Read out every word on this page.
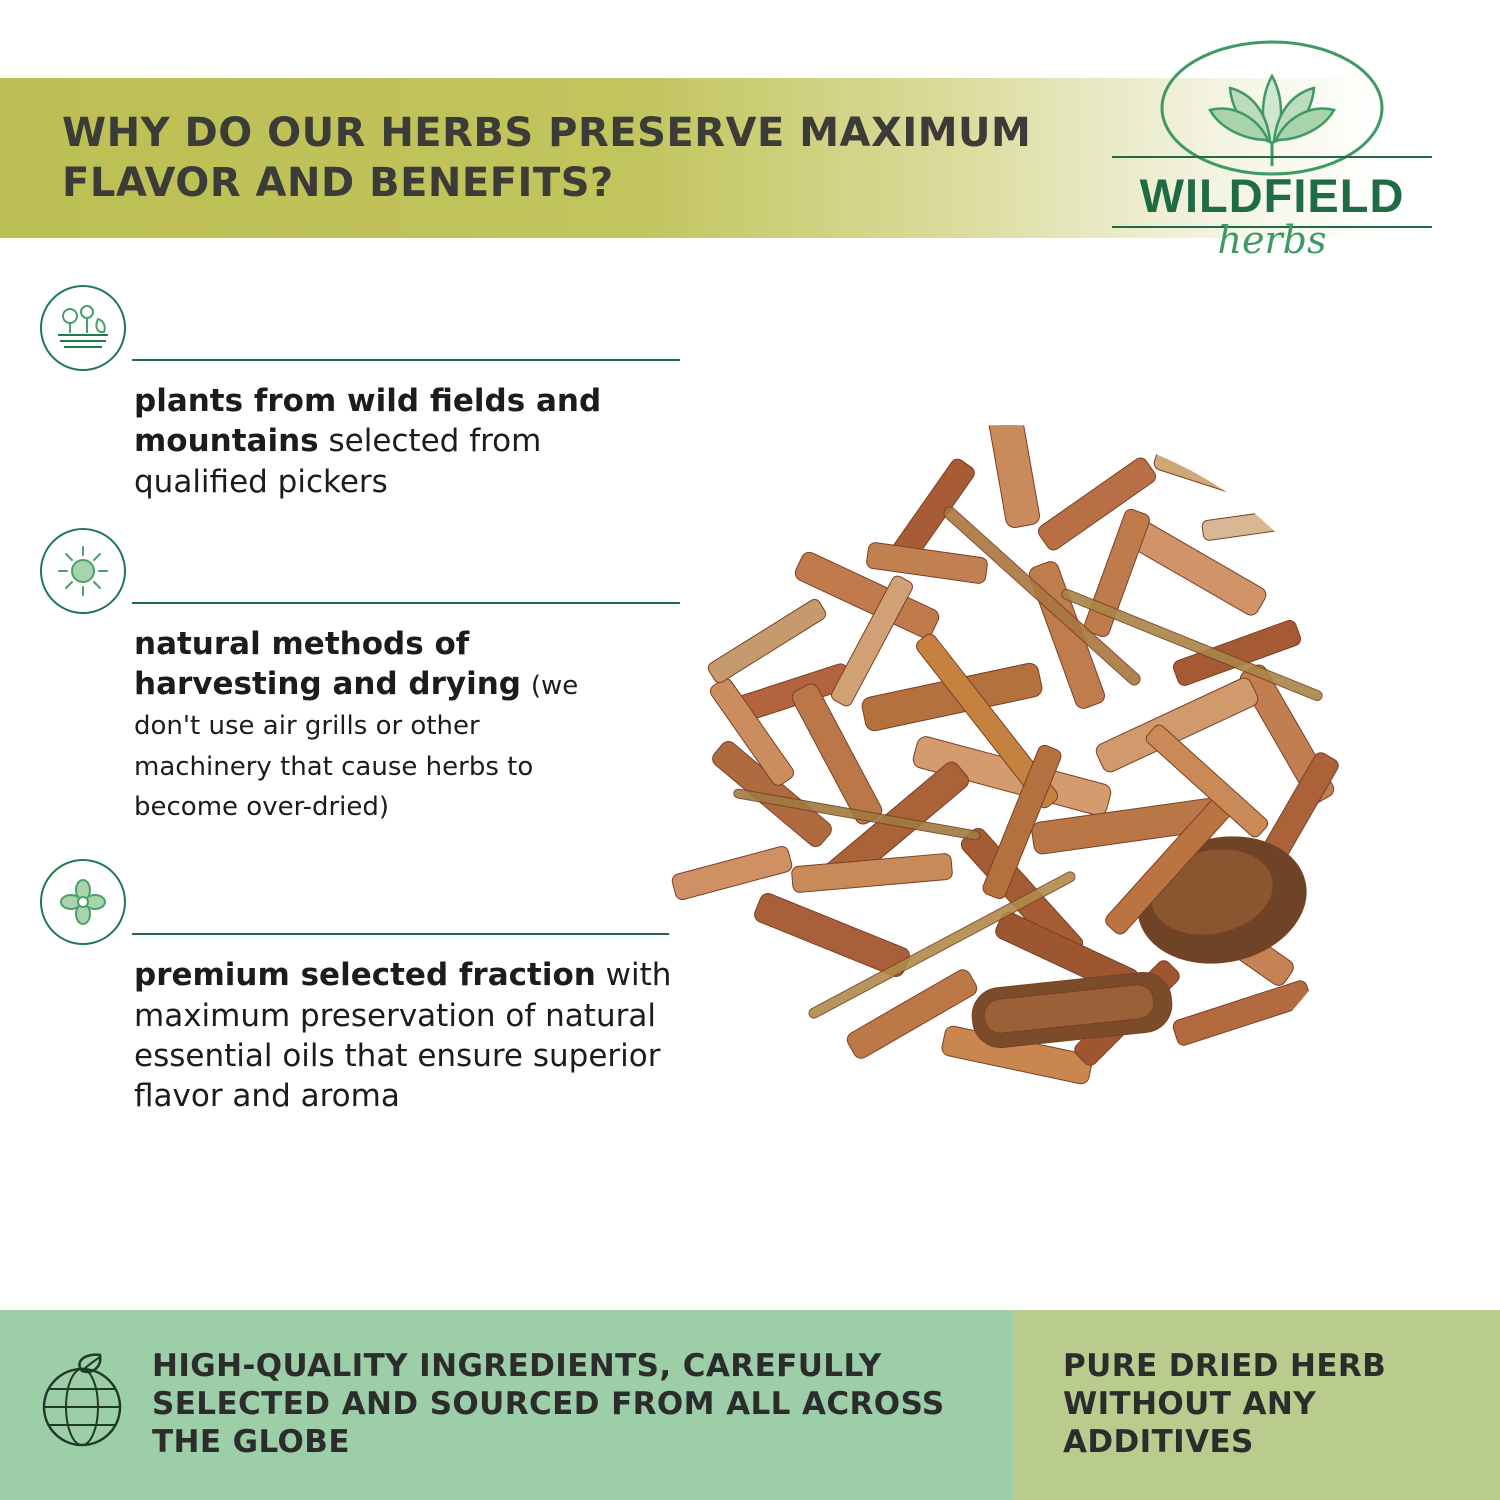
WHY DO OUR HERBS PRESERVE MAXIMUM FLAVOR AND BENEFITS?	WILDFIELD
herbs
plants from wild fields and mountains selected from qualified pickers
natural methods of harvesting and drying (we don't use air grills or other machinery that cause herbs to become over-dried)
premium selected fraction with maximum preservation of natural essential oils that ensure superior flavor and aroma
HIGH-QUALITY INGREDIENTS, CAREFULLY SELECTED AND SOURCED FROM ALL ACROSS THE GLOBE
PURE DRIED HERB WITHOUT ANY ADDITIVES
